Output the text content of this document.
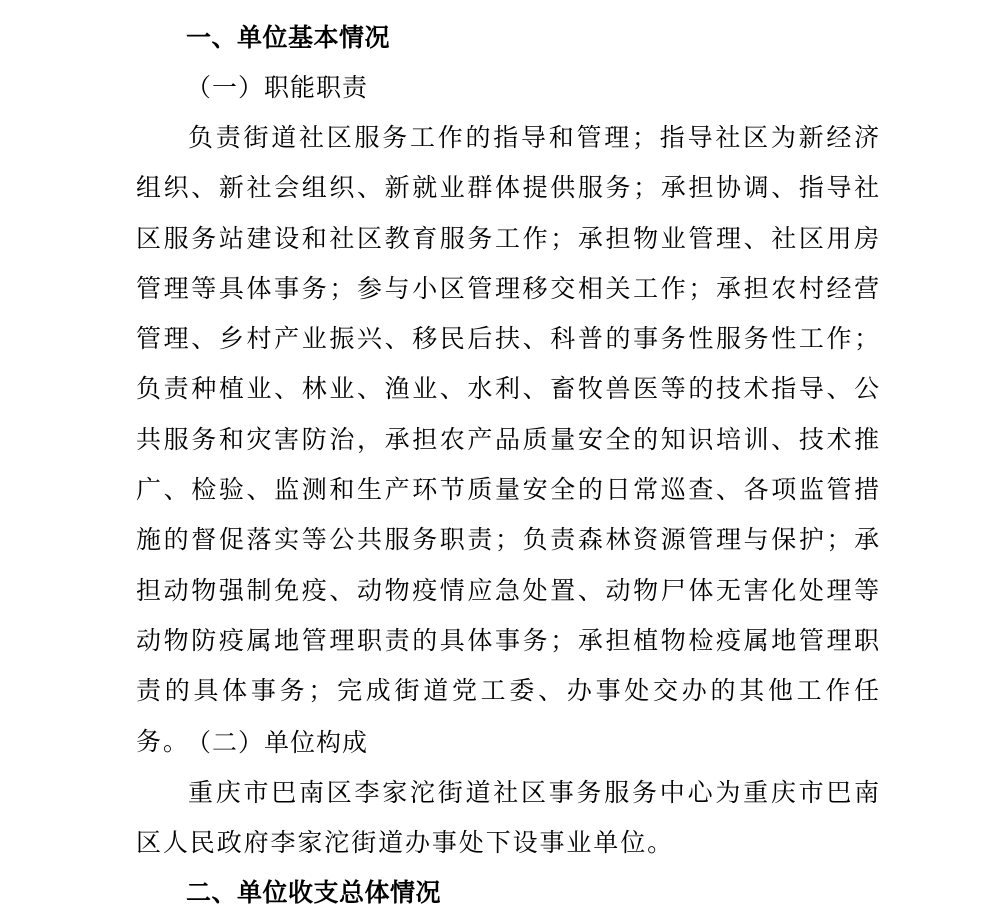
一、单位基本情况
（一）职能职责
负责街道社区服务工作的指导和管理；指导社区为新经济组织、新社会组织、新就业群体提供服务；承担协调、指导社区服务站建设和社区教育服务工作；承担物业管理、社区用房管理等具体事务；参与小区管理移交相关工作；承担农村经营管理、乡村产业振兴、移民后扶、科普的事务性服务性工作；负责种植业、林业、渔业、水利、畜牧兽医等的技术指导、公共服务和灾害防治，承担农产品质量安全的知识培训、技术推广、检验、监测和生产环节质量安全的日常巡查、各项监管措施的督促落实等公共服务职责；负责森林资源管理与保护；承担动物强制免疫、动物疫情应急处置、动物尸体无害化处理等动物防疫属地管理职责的具体事务；承担植物检疫属地管理职责的具体事务；完成街道党工委、办事处交办的其他工作任务。
（二）单位构成
重庆市巴南区李家沱街道社区事务服务中心为重庆市巴南区人民政府李家沱街道办事处下设事业单位。
二、单位收支总体情况
